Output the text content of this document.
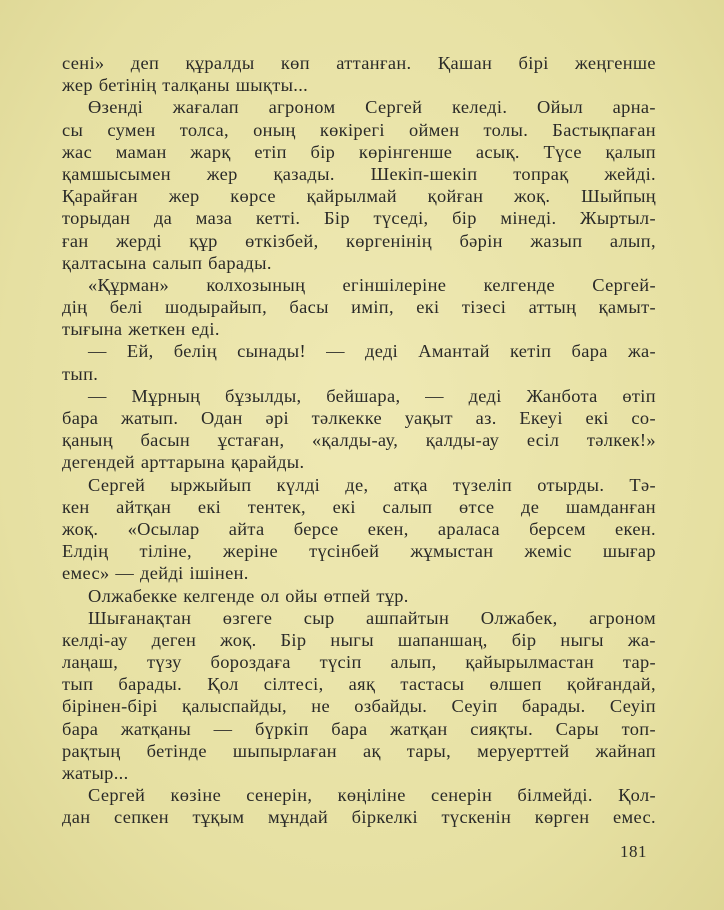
сені» деп құралды көп аттанған. Қашан бірі жеңгенше
жер бетінің талқаны шықты...
Өзенді жағалап агроном Сергей келеді. Ойыл арна-
сы сумен толса, оның көкірегі оймен толы. Бастықпаған
жас маман жарқ етіп бір көрінгенше асық. Түсе қалып
қамшысымен жер қазады. Шекіп-шекіп топрақ жейді.
Қарайған жер көрсе қайрылмай қойған жоқ. Шыйпың
торыдан да маза кетті. Бір түседі, бір мінеді. Жыртыл-
ған жерді құр өткізбей, көргенінің бәрін жазып алып,
қалтасына салып барады.
«Құрман» колхозының егіншілеріне келгенде Сергей-
дің белі шодырайып, басы иміп, екі тізесі аттың қамыт-
тығына жеткен еді.
— Ей, белің сынады! — деді Амантай кетіп бара жа-
тып.
— Мұрның бұзылды, бейшара, — деді Жанбота өтіп
бара жатып. Одан әрі тәлкекке уақыт аз. Екеуі екі со-
қаның басын ұстаған, «қалды-ау, қалды-ау есіл тәлкек!»
дегендей арттарына қарайды.
Сергей ыржыйып күлді де, атқа түзеліп отырды. Тә-
кен айтқан екі тентек, екі салып өтсе де шамданған
жоқ. «Осылар айта берсе екен, араласа берсем екен.
Елдің тіліне, жеріне түсінбей жұмыстан жеміс шығар
емес» — дейді ішінен.
Олжабекке келгенде ол ойы өтпей тұр.
Шығанақтан өзгеге сыр ашпайтын Олжабек, агроном
келді-ау деген жоқ. Бір ныгы шапаншаң, бір ныгы жа-
лаңаш, түзу бороздаға түсіп алып, қайырылмастан тар-
тып барады. Қол сілтесі, аяқ тастасы өлшеп қойғандай,
бірінен-бірі қалыспайды, не озбайды. Сеуіп барады. Сеуіп
бара жатқаны — бүркіп бара жатқан сияқты. Сары топ-
рақтың бетінде шыпырлаған ақ тары, меруерттей жайнап
жатыр...
Сергей көзіне сенерін, көңіліне сенерін білмейді. Қол-
дан сепкен тұқым мұндай біркелкі түскенін көрген емес.
181
